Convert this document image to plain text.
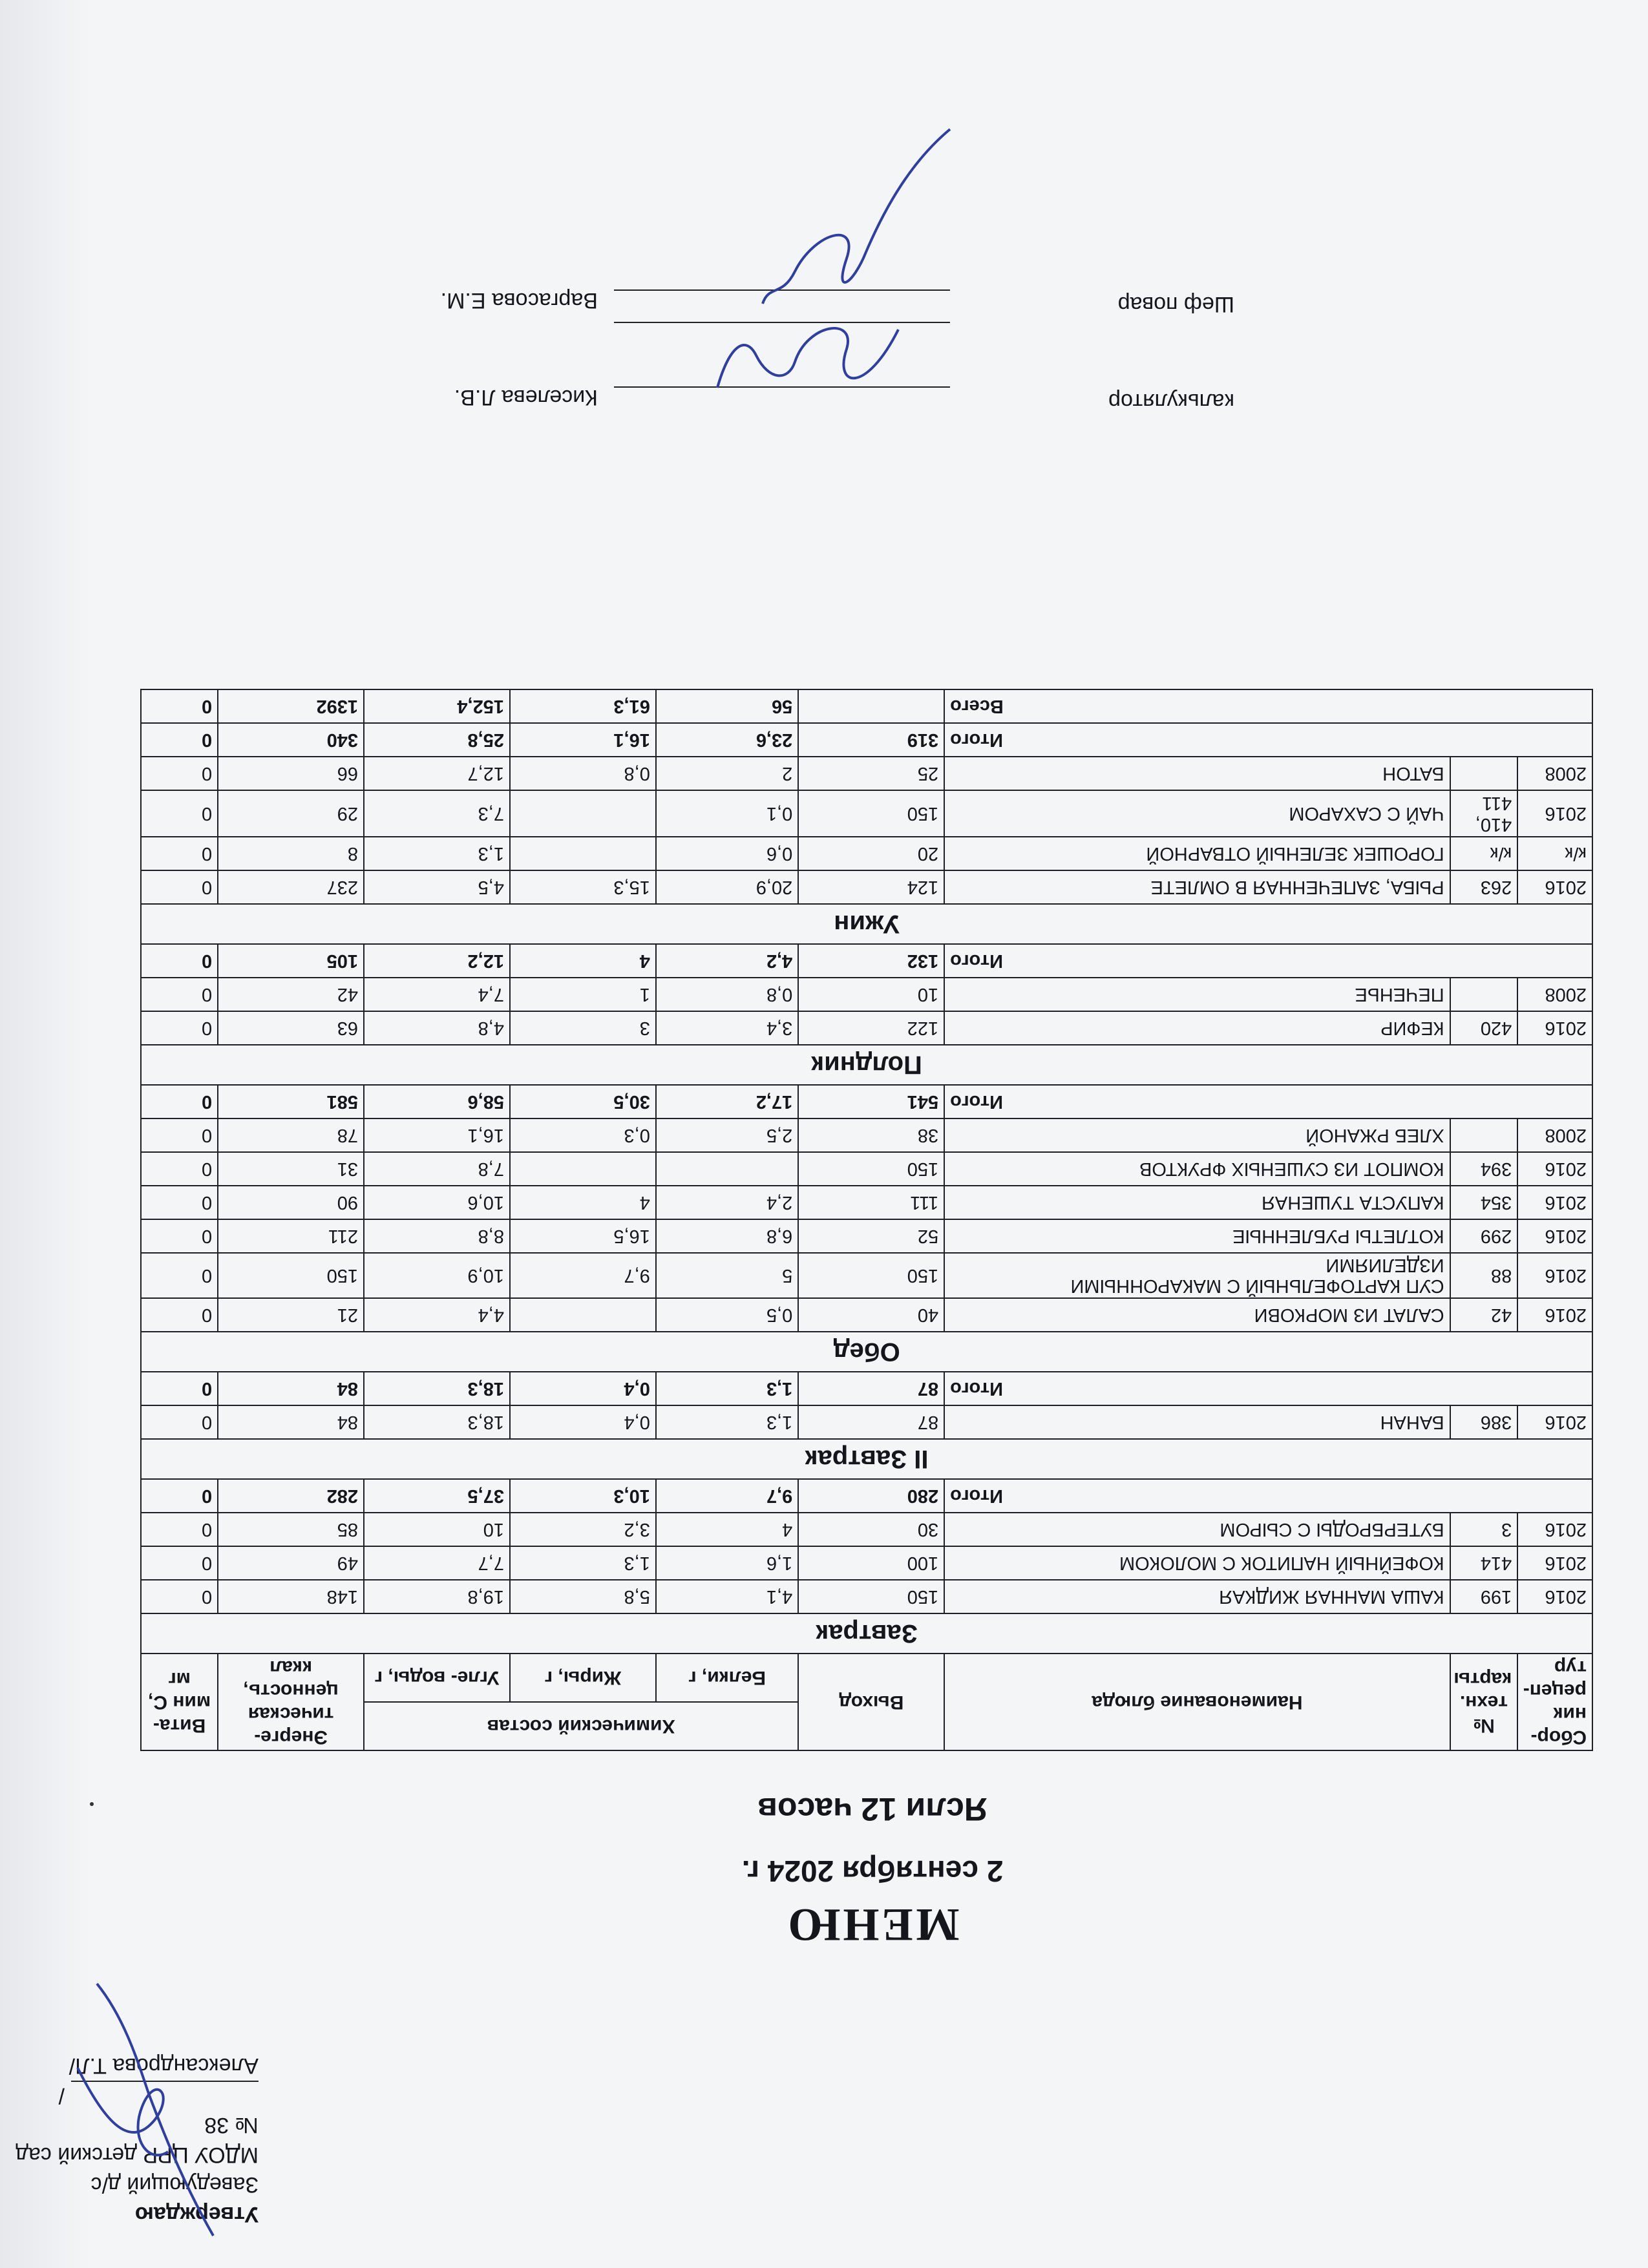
Утверждаю
Заведующий д/с
МДОУ ЦРР детский сад № 38
/Александрова Т.Л/
МЕНЮ
2 сентября 2024 г.
Ясли 12 часов
Сбор- ник рецеп- тур	№ техн. карты	Наименование блюда	Выход	Химический состав			Энерге- тическая ценность, ккал	Вита- мин С, мг
				Белки, г	Жиры, г	Угле- воды, г		
Завтрак								
2016	199	КАША МАННАЯ ЖИДКАЯ	150	4,1	5,8	19,8	148	0
2016	414	КОФЕЙНЫЙ НАПИТОК С МОЛОКОМ	100	1,6	1,3	7,7	49	0
2016	3	БУТЕРБРОДЫ С СЫРОМ	30	4	3,2	10	85	0
Итого			280	9,7	10,3	37,5	282	0
II Завтрак								
2016	386	БАНАН	87	1,3	0,4	18,3	84	0
Итого			87	1,3	0,4	18,3	84	0
Обед								
2016	42	САЛАТ ИЗ МОРКОВИ	40	0,5		4,4	21	0
2016	88	СУП КАРТОФЕЛЬНЫЙ С МАКАРОННЫМИ ИЗДЕЛИЯМИ	150	5	9,7	10,9	150	0
2016	299	КОТЛЕТЫ РУБЛЕННЫЕ	52	6,8	16,5	8,8	211	0
2016	354	КАПУСТА ТУШЕНАЯ	111	2,4	4	10,6	90	0
2016	394	КОМПОТ ИЗ СУШЕНЫХ ФРУКТОВ	150			7,8	31	0
2008		ХЛЕБ РЖАНОЙ	38	2,5	0,3	16,1	78	0
Итого			541	17,2	30,5	58,6	581	0
Полдник								
2016	420	КЕФИР	122	3,4	3	4,8	63	0
2008		ПЕЧЕНЬЕ	10	0,8	1	7,4	42	0
Итого			132	4,2	4	12,2	105	0
Ужин								
2016	263	РЫБА, ЗАПЕЧЕННАЯ В ОМЛЕТЕ	124	20,9	15,3	4,5	237	0
к/к	к/к	ГОРОШЕК ЗЕЛЕНЫЙ ОТВАРНОЙ	20	0,6		1,3	8	0
2016	410, 411	ЧАЙ С САХАРОМ	150	0,1		7,3	29	0
2008		БАТОН	25	2	0,8	12,7	66	0
Итого			319	23,6	16,1	25,8	340	0
Всего				56	61,3	152,4	1392	0
калькулятор
Киселева Л.В.
Шеф повар
Варгасова Е.М.
